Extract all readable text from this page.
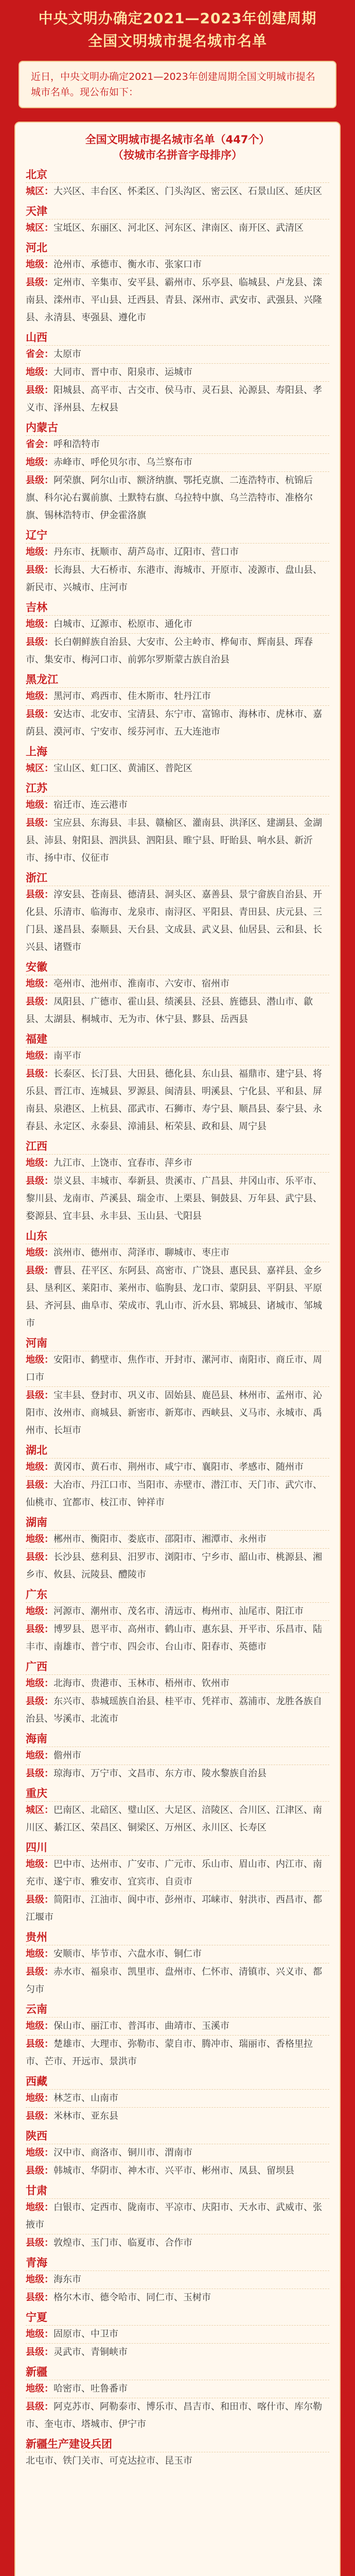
中央文明办确定2021—2023年创建周期
全国文明城市提名城市名单
近日，中央文明办确定2021—2023年创建周期全国文明城市提名城市名单。现公布如下：
全国文明城市提名城市名单（447个）
（按城市名拼音字母排序）
北京
城区：大兴区、丰台区、怀柔区、门头沟区、密云区、石景山区、延庆区
天津
城区：宝坻区、东丽区、河北区、河东区、津南区、南开区、武清区
河北
地级：沧州市、承德市、衡水市、张家口市
县级：定州市、辛集市、安平县、霸州市、乐亭县、临城县、卢龙县、滦南县、滦州市、平山县、迁西县、青县、深州市、武安市、武强县、兴隆县、永清县、枣强县、遵化市
山西
省会：太原市
地级：大同市、晋中市、阳泉市、运城市
县级：阳城县、高平市、古交市、侯马市、灵石县、沁源县、寿阳县、孝义市、泽州县、左权县
内蒙古
省会：呼和浩特市
地级：赤峰市、呼伦贝尔市、乌兰察布市
县级：阿荣旗、阿尔山市、额济纳旗、鄂托克旗、二连浩特市、杭锦后旗、科尔沁右翼前旗、土默特右旗、乌拉特中旗、乌兰浩特市、准格尔旗、锡林浩特市、伊金霍洛旗
辽宁
地级：丹东市、抚顺市、葫芦岛市、辽阳市、营口市
县级：长海县、大石桥市、东港市、海城市、开原市、凌源市、盘山县、新民市、兴城市、庄河市
吉林
地级：白城市、辽源市、松原市、通化市
县级：长白朝鲜族自治县、大安市、公主岭市、桦甸市、辉南县、珲春市、集安市、梅河口市、前郭尔罗斯蒙古族自治县
黑龙江
地级：黑河市、鸡西市、佳木斯市、牡丹江市
县级：安达市、北安市、宝清县、东宁市、富锦市、海林市、虎林市、嘉荫县、漠河市、宁安市、绥芬河市、五大连池市
上海
城区：宝山区、虹口区、黄浦区、普陀区
江苏
地级：宿迁市、连云港市
县级：宝应县、东海县、丰县、赣榆区、灌南县、洪泽区、建湖县、金湖县、沛县、射阳县、泗洪县、泗阳县、睢宁县、盱眙县、响水县、新沂市、扬中市、仪征市
浙江
县级：淳安县、苍南县、德清县、洞头区、嘉善县、景宁畲族自治县、开化县、乐清市、临海市、龙泉市、南浔区、平阳县、青田县、庆元县、三门县、遂昌县、泰顺县、天台县、文成县、武义县、仙居县、云和县、长兴县、诸暨市
安徽
地级：亳州市、池州市、淮南市、六安市、宿州市
县级：凤阳县、广德市、霍山县、绩溪县、泾县、旌德县、潜山市、歙县、太湖县、桐城市、无为市、休宁县、黟县、岳西县
福建
地级：南平市
县级：长泰区、长汀县、大田县、德化县、东山县、福鼎市、建宁县、将乐县、晋江市、连城县、罗源县、闽清县、明溪县、宁化县、平和县、屏南县、泉港区、上杭县、邵武市、石狮市、寿宁县、顺昌县、泰宁县、永春县、永定区、永泰县、漳浦县、柘荣县、政和县、周宁县
江西
地级：九江市、上饶市、宜春市、萍乡市
县级：崇义县、丰城市、奉新县、贵溪市、广昌县、井冈山市、乐平市、黎川县、龙南市、芦溪县、瑞金市、上栗县、铜鼓县、万年县、武宁县、婺源县、宜丰县、永丰县、玉山县、弋阳县
山东
地级：滨州市、德州市、菏泽市、聊城市、枣庄市
县级：曹县、茌平区、东阿县、高密市、广饶县、惠民县、嘉祥县、金乡县、垦利区、莱阳市、莱州市、临朐县、龙口市、蒙阴县、平阴县、平原县、齐河县、曲阜市、荣成市、乳山市、沂水县、郓城县、诸城市、邹城市
河南
地级：安阳市、鹤壁市、焦作市、开封市、漯河市、南阳市、商丘市、周口市
县级：宝丰县、登封市、巩义市、固始县、鹿邑县、林州市、孟州市、沁阳市、汝州市、商城县、新密市、新郑市、西峡县、义马市、永城市、禹州市、长垣市
湖北
地级：黄冈市、黄石市、荆州市、咸宁市、襄阳市、孝感市、随州市
县级：大冶市、丹江口市、当阳市、赤壁市、潜江市、天门市、武穴市、仙桃市、宜都市、枝江市、钟祥市
湖南
地级：郴州市、衡阳市、娄底市、邵阳市、湘潭市、永州市
县级：长沙县、慈利县、汨罗市、浏阳市、宁乡市、韶山市、桃源县、湘乡市、攸县、沅陵县、醴陵市
广东
地级：河源市、潮州市、茂名市、清远市、梅州市、汕尾市、阳江市
县级：博罗县、恩平市、高州市、鹤山市、惠东县、开平市、乐昌市、陆丰市、南雄市、普宁市、四会市、台山市、阳春市、英德市
广西
地级：北海市、贵港市、玉林市、梧州市、钦州市
县级：东兴市、恭城瑶族自治县、桂平市、凭祥市、荔浦市、龙胜各族自治县、岑溪市、北流市
海南
地级：儋州市
县级：琼海市、万宁市、文昌市、东方市、陵水黎族自治县
重庆
城区：巴南区、北碚区、璧山区、大足区、涪陵区、合川区、江津区、南川区、綦江区、荣昌区、铜梁区、万州区、永川区、长寿区
四川
地级：巴中市、达州市、广安市、广元市、乐山市、眉山市、内江市、南充市、遂宁市、雅安市、宜宾市、自贡市
县级：简阳市、江油市、阆中市、彭州市、邛崃市、射洪市、西昌市、都江堰市
贵州
地级：安顺市、毕节市、六盘水市、铜仁市
县级：赤水市、福泉市、凯里市、盘州市、仁怀市、清镇市、兴义市、都匀市
云南
地级：保山市、丽江市、普洱市、曲靖市、玉溪市
县级：楚雄市、大理市、弥勒市、蒙自市、腾冲市、瑞丽市、香格里拉市、芒市、开远市、景洪市
西藏
地级：林芝市、山南市
县级：米林市、亚东县
陕西
地级：汉中市、商洛市、铜川市、渭南市
县级：韩城市、华阴市、神木市、兴平市、彬州市、凤县、留坝县
甘肃
地级：白银市、定西市、陇南市、平凉市、庆阳市、天水市、武威市、张掖市
县级：敦煌市、玉门市、临夏市、合作市
青海
地级：海东市
县级：格尔木市、德令哈市、同仁市、玉树市
宁夏
地级：固原市、中卫市
县级：灵武市、青铜峡市
新疆
地级：哈密市、吐鲁番市
县级：阿克苏市、阿勒泰市、博乐市、昌吉市、和田市、喀什市、库尔勒市、奎屯市、塔城市、伊宁市
新疆生产建设兵团
北屯市、铁门关市、可克达拉市、昆玉市
